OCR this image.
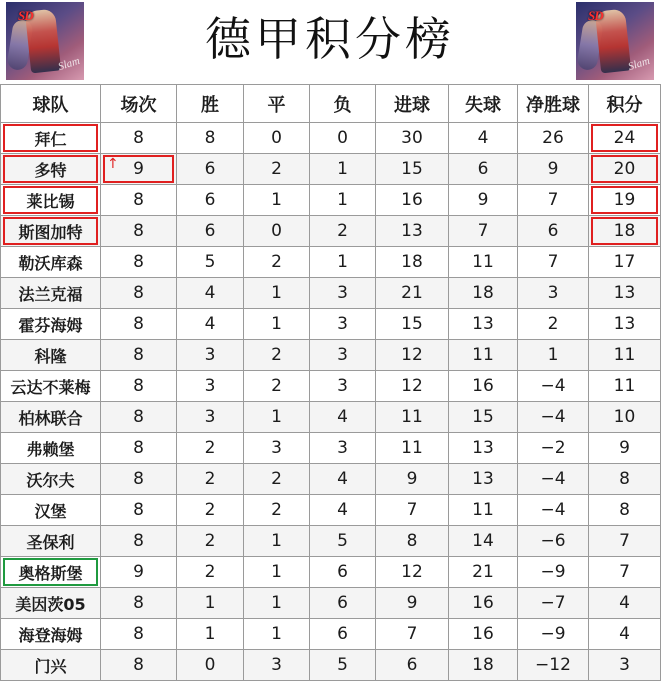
SD
Slam	德甲积分榜	SD
Slam
球队	场次	胜	平	负	进球	失球	净胜球	积分
拜仁	8	8	0	0	30	4	26	24
多特	↑ 9	6	2	1	15	6	9	20
莱比锡	8	6	1	1	16	9	7	19
斯图加特	8	6	0	2	13	7	6	18
勒沃库森	8	5	2	1	18	11	7	17
法兰克福	8	4	1	3	21	18	3	13
霍芬海姆	8	4	1	3	15	13	2	13
科隆	8	3	2	3	12	11	1	11
云达不莱梅	8	3	2	3	12	16	−4	11
柏林联合	8	3	1	4	11	15	−4	10
弗赖堡	8	2	3	3	11	13	−2	9
沃尔夫	8	2	2	4	9	13	−4	8
汉堡	8	2	2	4	7	11	−4	8
圣保利	8	2	1	5	8	14	−6	7
奥格斯堡	9	2	1	6	12	21	−9	7
美因茨05	8	1	1	6	9	16	−7	4
海登海姆	8	1	1	6	7	16	−9	4
门兴	8	0	3	5	6	18	−12	3
